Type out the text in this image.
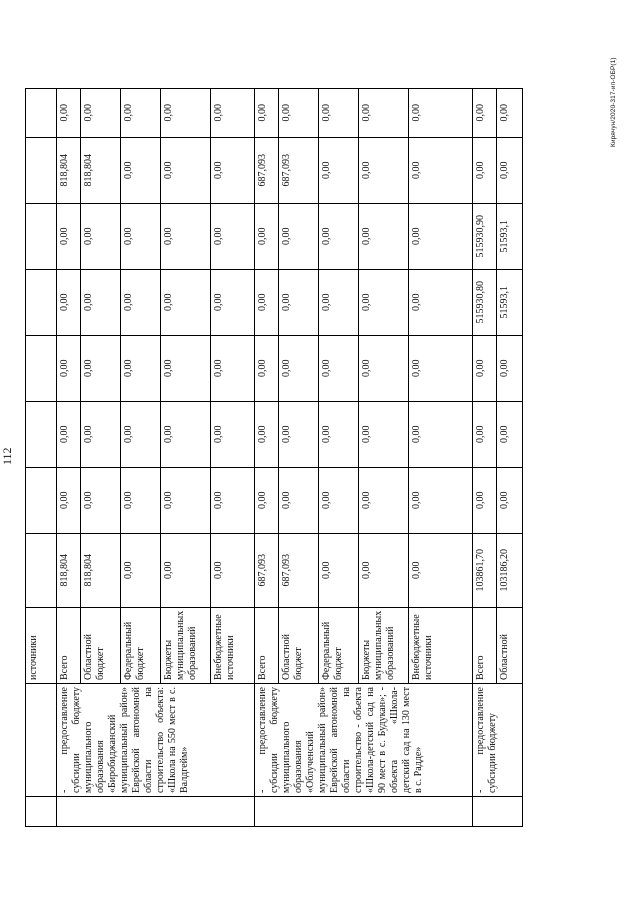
112
		источники								
	- предоставление субсидии бюджету муниципального образования «Биробиджанский муниципальный район» Еврейской автономной области на строительство объекта: «Школа на 550 мест в с. Валдгейм»	Всего	818,804	0,00	0,00	0,00	0,00	0,00	818,804	0,00
		Областной бюджет	818,804	0,00	0,00	0,00	0,00	0,00	818,804	0,00
		Федеральный бюджет	0,00	0,00	0,00	0,00	0,00	0,00	0,00	0,00
		Бюджеты муниципальных образований	0,00	0,00	0,00	0,00	0,00	0,00	0,00	0,00
		Внебюджетные источники	0,00	0,00	0,00	0,00	0,00	0,00	0,00	0,00
	- предоставление субсидии бюджету муниципального образования «Облученский муниципальный район» Еврейской автономной области на строительство - объекта «Школа-детский сад на 90 мест в с. Будукан»; - объекта «Школа-детский сад на 130 мест в с. Радде»	Всего	687,093	0,00	0,00	0,00	0,00	0,00	687,093	0,00
		Областной бюджет	687,093	0,00	0,00	0,00	0,00	0,00	687,093	0,00
		Федеральный бюджет	0,00	0,00	0,00	0,00	0,00	0,00	0,00	0,00
		Бюджеты муниципальных образований	0,00	0,00	0,00	0,00	0,00	0,00	0,00	0,00
		Внебюджетные источники	0,00	0,00	0,00	0,00	0,00	0,00	0,00	0,00
	- предоставление субсидии бюджету	Всего	103861,70	0,00	0,00	0,00	515930,80	515930,90	0,00	0,00
		Областной	103186,20	0,00	0,00	0,00	51593,1	51593,1	0,00	0,00	Кирячун/2020-317-ип-ОБР(1)
